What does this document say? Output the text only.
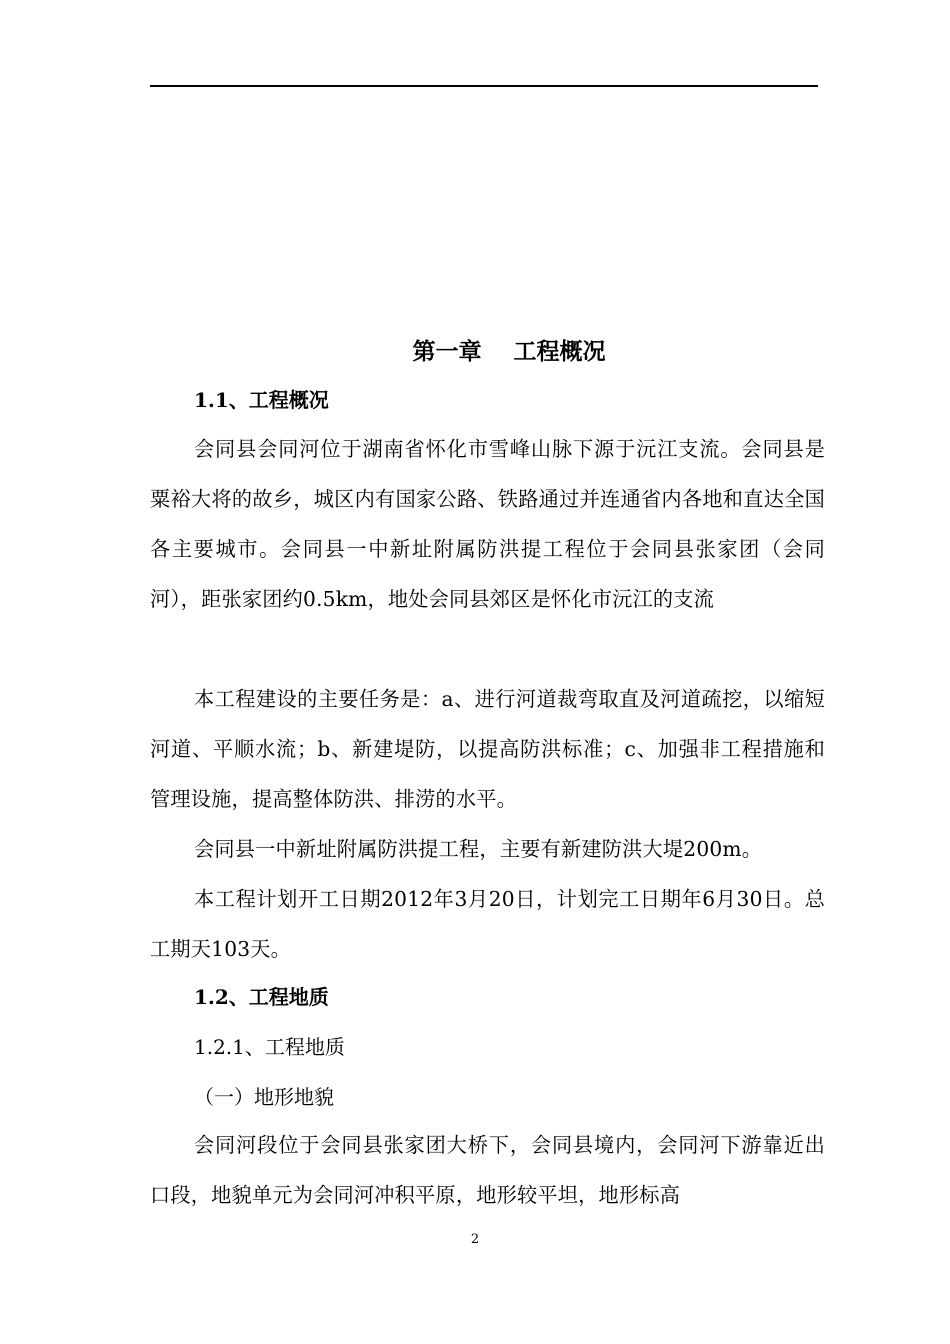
第一章    工程概况
1.1、工程概况

会同县会同河位于湖南省怀化市雪峰山脉下源于沅江支流。会同县是粟裕大将的故乡，城区内有国家公路、铁路通过并连通省内各地和直达全国各主要城市。会同县一中新址附属防洪提工程位于会同县张家团（会同河），距张家团约0.5km，地处会同县郊区是怀化市沅江的支流

本工程建设的主要任务是：a、进行河道裁弯取直及河道疏挖，以缩短河道、平顺水流；b、新建堤防，以提高防洪标准；c、加强非工程措施和管理设施，提高整体防洪、排涝的水平。

会同县一中新址附属防洪提工程，主要有新建防洪大堤200m。

本工程计划开工日期2012年3月20日，计划完工日期年6月30日。总工期天103天。

1.2、工程地质
1.2.1、工程地质
（一）地形地貌

会同河段位于会同县张家团大桥下，会同县境内，会同河下游靠近出口段，地貌单元为会同河冲积平原，地形较平坦，地形标高

2
